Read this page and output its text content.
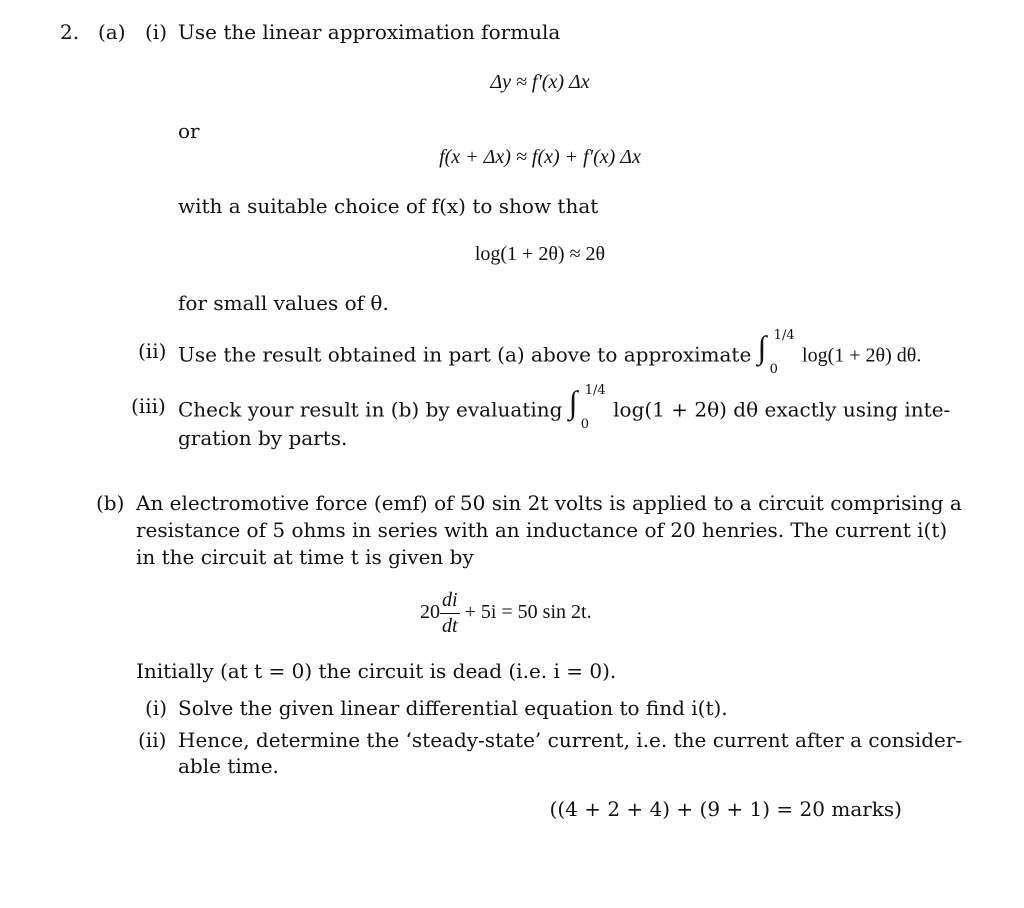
2. (a) (i) Use the linear approximation formula
Δy ≈ f′(x) Δx
or
f(x + Δx) ≈ f(x) + f′(x) Δx
with a suitable choice of f(x) to show that
log(1 + 2θ) ≈ 2θ
for small values of θ.
(ii) Use the result obtained in part (a) above to approximate ∫ 1/4
0
log(1 + 2θ) dθ.
(iii) Check your result in (b) by evaluating ∫ 1/4
0
log(1 + 2θ) dθ exactly using inte-
gration by parts.
(b) An electromotive force (emf) of 50 sin 2t volts is applied to a circuit comprising a
resistance of 5 ohms in series with an inductance of 20 henries. The current i(t)
in the circuit at time t is given by
$20 \frac{di}{dt} + 5i = 50$ sin 2t.
Initially (at t = 0) the circuit is dead (i.e. i = 0).
(i) Solve the given linear differential equation to find i(t).
(ii) Hence, determine the ‘steady-state’ current, i.e. the current after a consider-
able time.
((4 + 2 + 4) + (9 + 1) = 20 marks)
